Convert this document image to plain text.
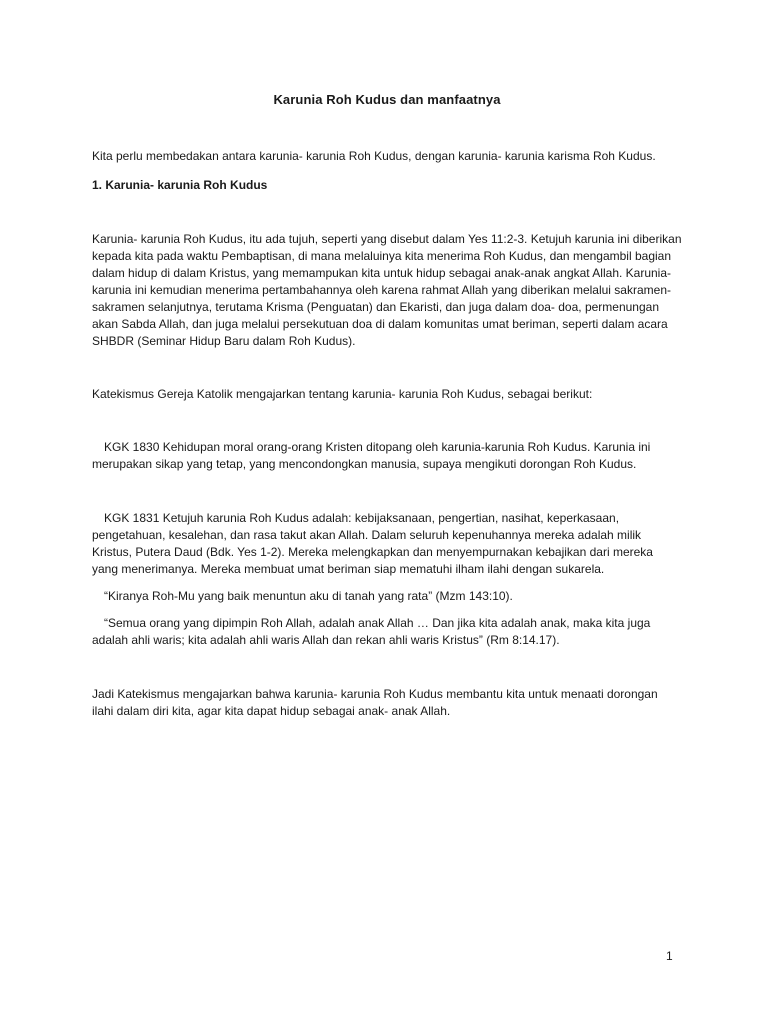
Karunia Roh Kudus dan manfaatnya

Kita perlu membedakan antara karunia- karunia Roh Kudus, dengan karunia- karunia karisma Roh Kudus.

1. Karunia- karunia Roh Kudus

Karunia- karunia Roh Kudus, itu ada tujuh, seperti yang disebut dalam Yes 11:2-3. Ketujuh karunia ini diberikan kepada kita pada waktu Pembaptisan, di mana melaluinya kita menerima Roh Kudus, dan mengambil bagian dalam hidup di dalam Kristus, yang memampukan kita untuk hidup sebagai anak-anak angkat Allah. Karunia- karunia ini kemudian menerima pertambahannya oleh karena rahmat Allah yang diberikan melalui sakramen- sakramen selanjutnya, terutama Krisma (Penguatan) dan Ekaristi, dan juga dalam doa- doa, permenungan akan Sabda Allah, dan juga melalui persekutuan doa di dalam komunitas umat beriman, seperti dalam acara SHBDR (Seminar Hidup Baru dalam Roh Kudus).

Katekismus Gereja Katolik mengajarkan tentang karunia- karunia Roh Kudus, sebagai berikut:

KGK 1830 Kehidupan moral orang-orang Kristen ditopang oleh karunia-karunia Roh Kudus. Karunia ini merupakan sikap yang tetap, yang mencondongkan manusia, supaya mengikuti dorongan Roh Kudus.

KGK 1831 Ketujuh karunia Roh Kudus adalah: kebijaksanaan, pengertian, nasihat, keperkasaan, pengetahuan, kesalehan, dan rasa takut akan Allah. Dalam seluruh kepenuhannya mereka adalah milik Kristus, Putera Daud (Bdk. Yes 1-2). Mereka melengkapkan dan menyempurnakan kebajikan dari mereka yang menerimanya. Mereka membuat umat beriman siap mematuhi ilham ilahi dengan sukarela.

“Kiranya Roh-Mu yang baik menuntun aku di tanah yang rata” (Mzm 143:10).

“Semua orang yang dipimpin Roh Allah, adalah anak Allah … Dan jika kita adalah anak, maka kita juga adalah ahli waris; kita adalah ahli waris Allah dan rekan ahli waris Kristus” (Rm 8:14.17).

Jadi Katekismus mengajarkan bahwa karunia- karunia Roh Kudus membantu kita untuk menaati dorongan ilahi dalam diri kita, agar kita dapat hidup sebagai anak- anak Allah.

1
